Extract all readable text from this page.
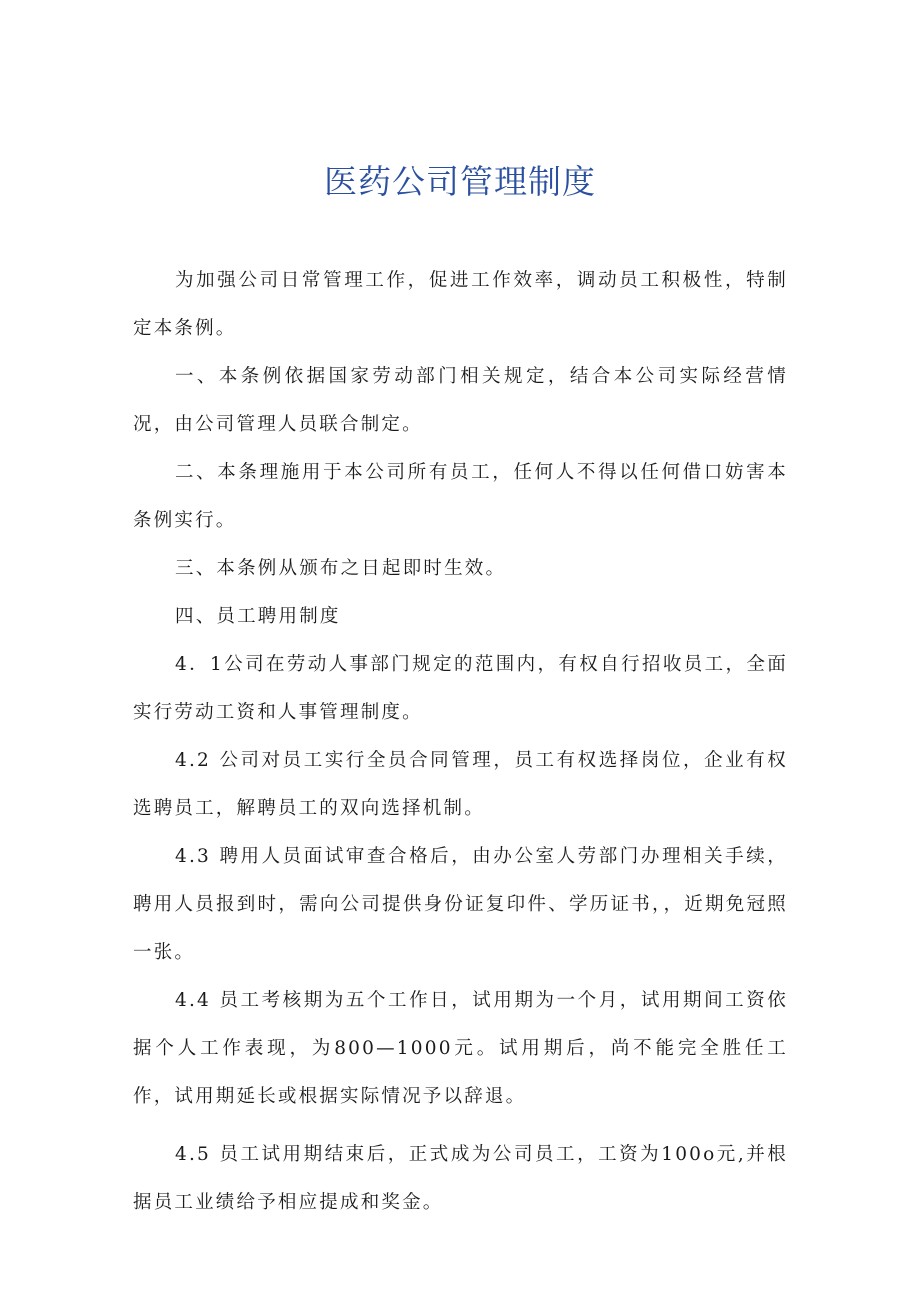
医药公司管理制度

为加强公司日常管理工作，促进工作效率，调动员工积极性，特制定本条例。

一、本条例依据国家劳动部门相关规定，结合本公司实际经营情况，由公司管理人员联合制定。

二、本条理施用于本公司所有员工，任何人不得以任何借口妨害本条例实行。

三、本条例从颁布之日起即时生效。

四、员工聘用制度

4．1公司在劳动人事部门规定的范围内，有权自行招收员工，全面实行劳动工资和人事管理制度。

4.2 公司对员工实行全员合同管理，员工有权选择岗位，企业有权选聘员工，解聘员工的双向选择机制。

4.3 聘用人员面试审查合格后，由办公室人劳部门办理相关手续，聘用人员报到时，需向公司提供身份证复印件、学历证书，，近期免冠照一张。

4.4 员工考核期为五个工作日，试用期为一个月，试用期间工资依据个人工作表现，为800—1000元。试用期后，尚不能完全胜任工作，试用期延长或根据实际情况予以辞退。

4.5 员工试用期结束后，正式成为公司员工，工资为100o元,并根据员工业绩给予相应提成和奖金。
